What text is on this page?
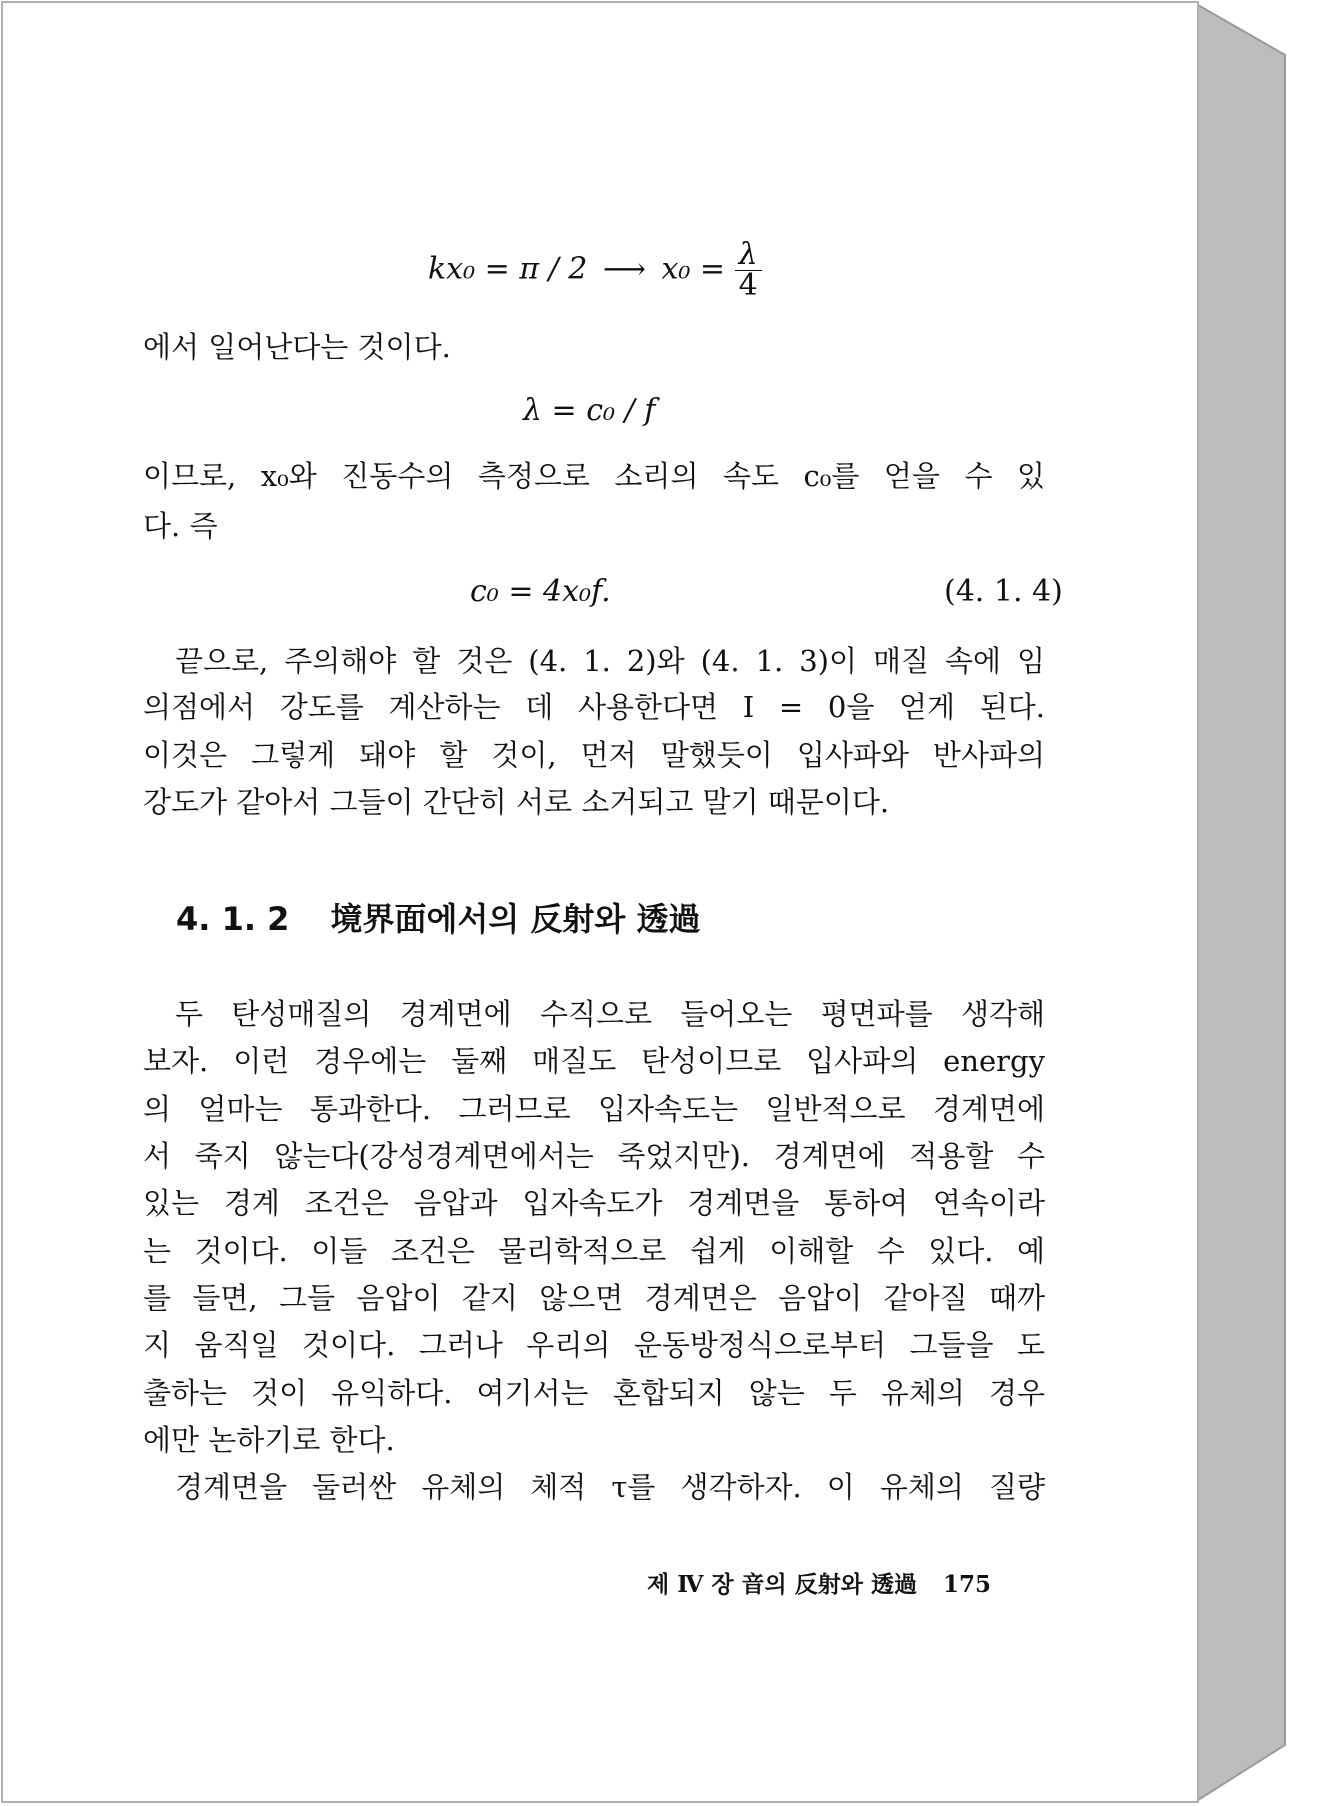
kx₀ = π / 2 ⟶ $x_0 = \frac{\lambda}{4}$
에서 일어난다는 것이다.
λ = c₀ / f
이므로, x₀와 진동수의 측정으로 소리의 속도 c₀를 얻을 수 있
다. 즉
c₀ = 4x₀f.	(4. 1. 4)
끝으로, 주의해야 할 것은 (4. 1. 2)와 (4. 1. 3)이 매질 속에 임
의점에서 강도를 계산하는 데 사용한다면 I = 0을 얻게 된다.
이것은 그렇게 돼야 할 것이, 먼저 말했듯이 입사파와 반사파의
강도가 같아서 그들이 간단히 서로 소거되고 말기 때문이다.
4. 1. 2 境界面에서의 反射와 透過
두 탄성매질의 경계면에 수직으로 들어오는 평면파를 생각해
보자. 이런 경우에는 둘째 매질도 탄성이므로 입사파의 energy
의 얼마는 통과한다. 그러므로 입자속도는 일반적으로 경계면에
서 죽지 않는다(강성경계면에서는 죽었지만). 경계면에 적용할 수
있는 경계 조건은 음압과 입자속도가 경계면을 통하여 연속이라
는 것이다. 이들 조건은 물리학적으로 쉽게 이해할 수 있다. 예
를 들면, 그들 음압이 같지 않으면 경계면은 음압이 같아질 때까
지 움직일 것이다. 그러나 우리의 운동방정식으로부터 그들을 도
출하는 것이 유익하다. 여기서는 혼합되지 않는 두 유체의 경우
에만 논하기로 한다.
경계면을 둘러싼 유체의 체적 τ를 생각하자. 이 유체의 질량
제 Ⅳ 장 音의 反射와 透過 175
